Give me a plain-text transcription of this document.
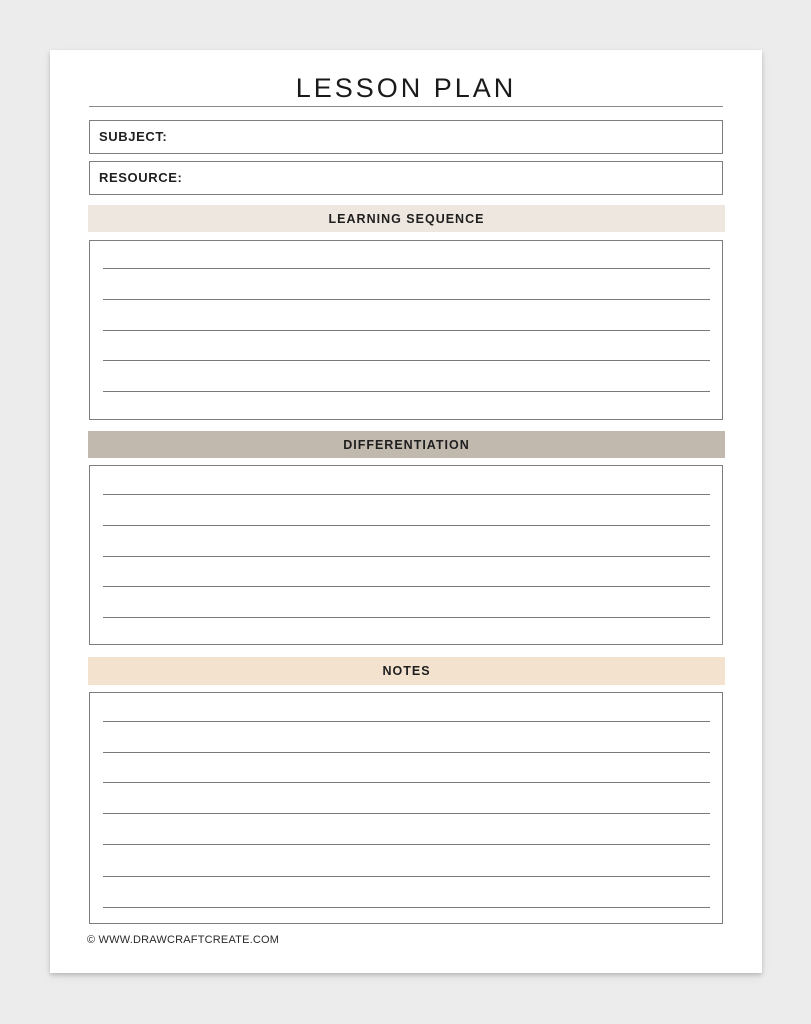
LESSON PLAN
SUBJECT:
RESOURCE:
LEARNING SEQUENCE
DIFFERENTIATION
NOTES
© WWW.DRAWCRAFTCREATE.COM
